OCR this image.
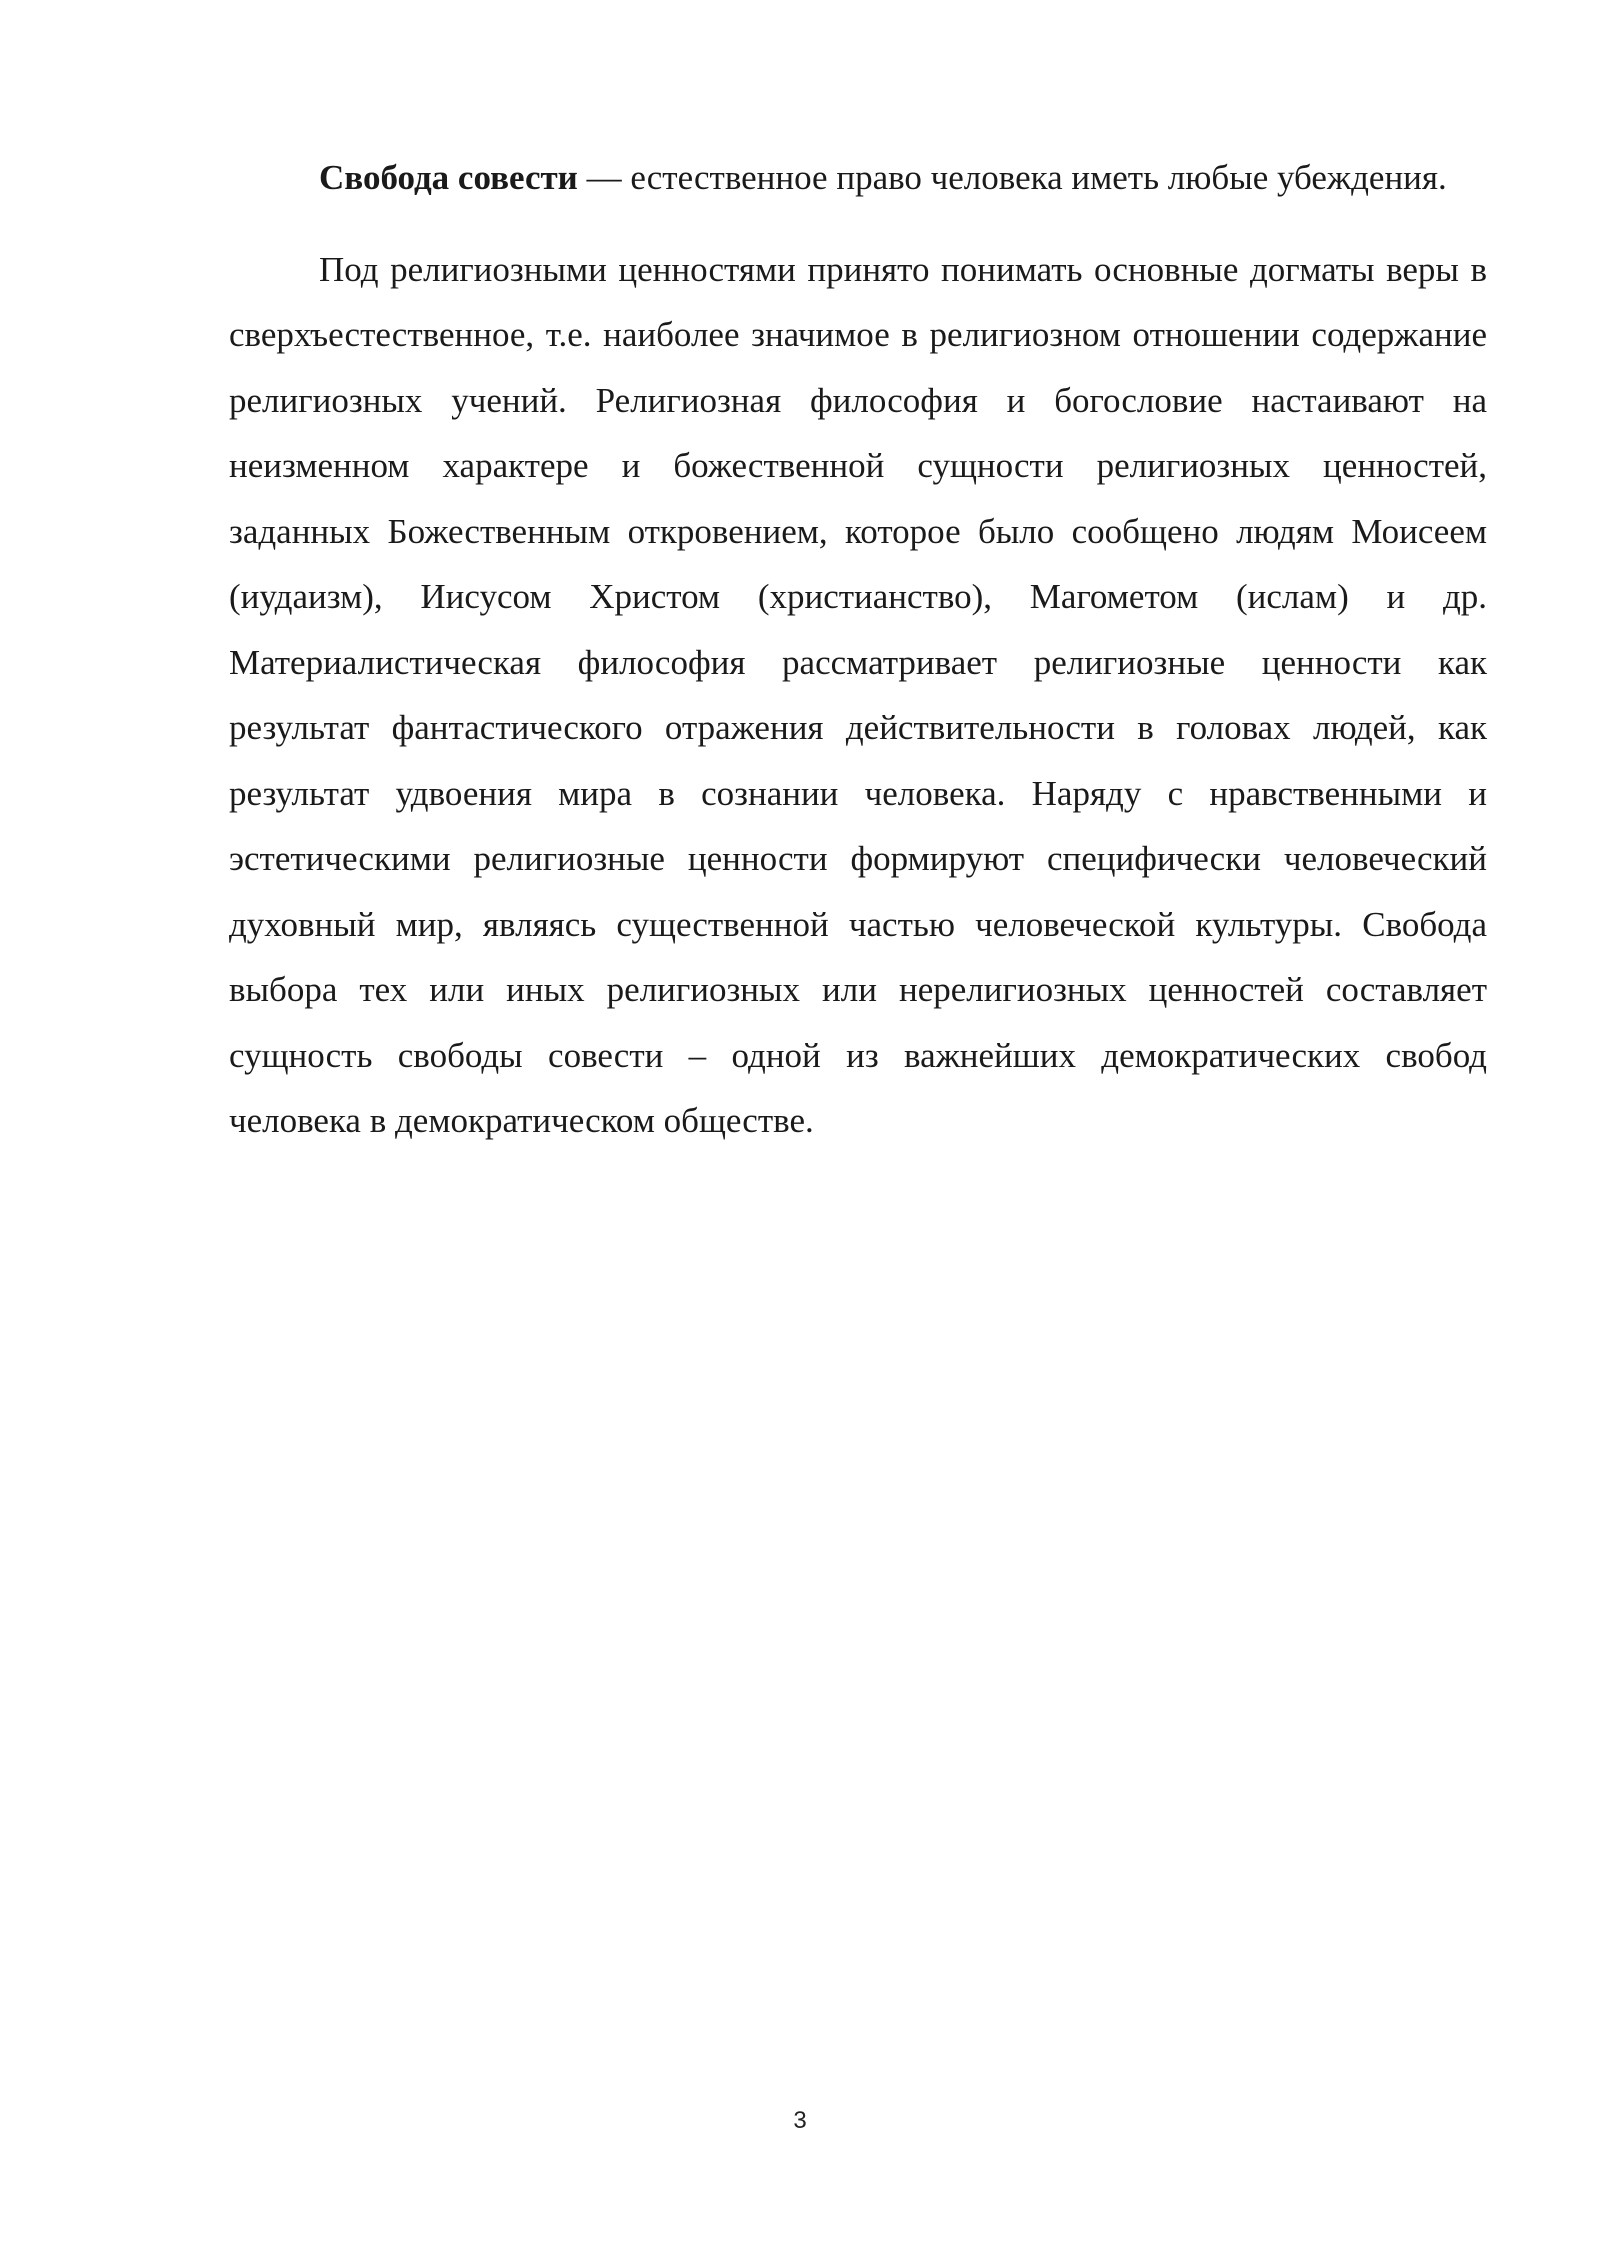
Свобода совести — естественное право человека иметь любые убеждения.

Под религиозными ценностями принято понимать основные догматы веры в сверхъестественное, т.е. наиболее значимое в религиозном отношении содержание религиозных учений. Религиозная философия и богословие настаивают на неизменном характере и божественной сущности религиозных ценностей, заданных Божественным откровением, которое было сообщено людям Моисеем (иудаизм), Иисусом Христом (христианство), Магометом (ислам) и др. Материалистическая философия рассматривает религиозные ценности как результат фантастического отражения действительности в головах людей, как результат удвоения мира в сознании человека. Наряду с нравственными и эстетическими религиозные ценности формируют специфически человеческий духовный мир, являясь существенной частью человеческой культуры. Свобода выбора тех или иных религиозных или нерелигиозных ценностей составляет сущность свободы совести – одной из важнейших демократических свобод человека в демократическом обществе.

3
